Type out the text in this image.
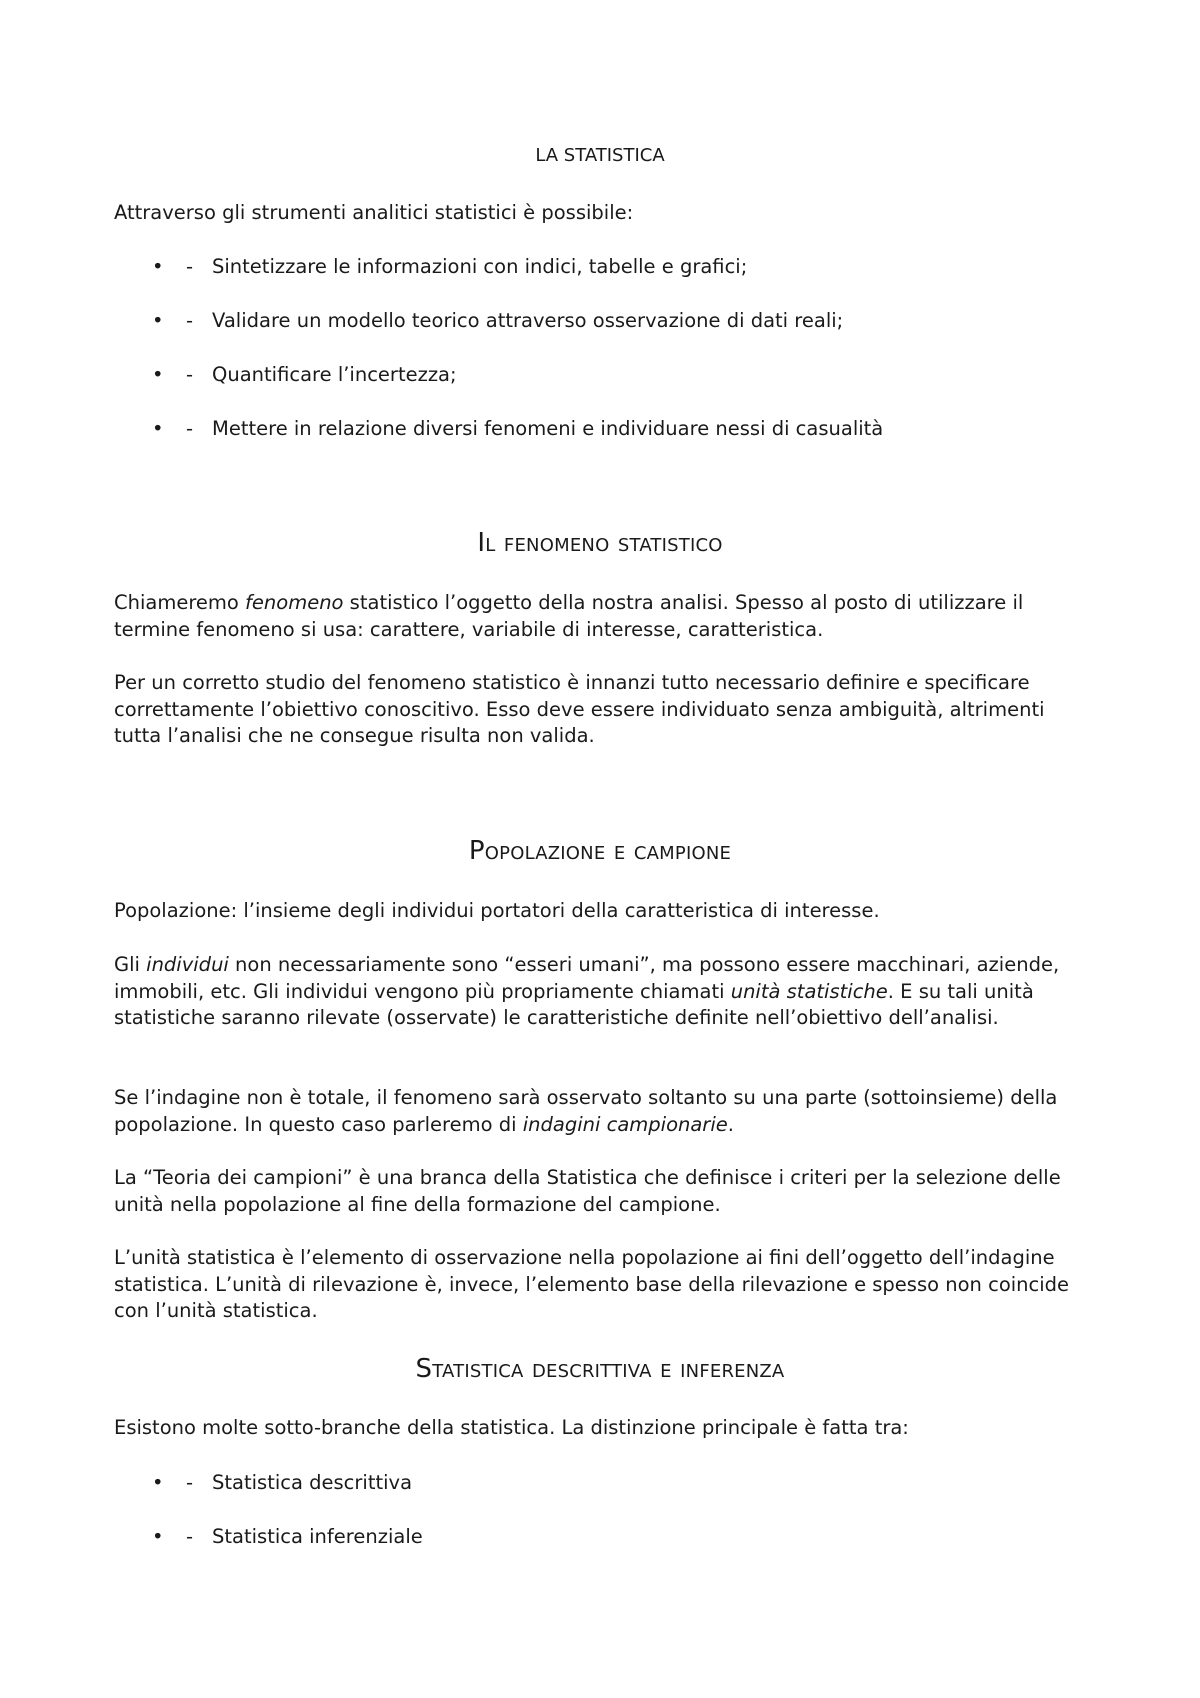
LA STATISTICA

Attraverso gli strumenti analitici statistici è possibile:

• - Sintetizzare le informazioni con indici, tabelle e grafici;
• - Validare un modello teorico attraverso osservazione di dati reali;
• - Quantificare l’incertezza;
• - Mettere in relazione diversi fenomeni e individuare nessi di casualità
Il fenomeno statistico

Chiameremo fenomeno statistico l’oggetto della nostra analisi. Spesso al posto di utilizzare il termine fenomeno si usa: carattere, variabile di interesse, caratteristica.

Per un corretto studio del fenomeno statistico è innanzi tutto necessario definire e specificare correttamente l’obiettivo conoscitivo. Esso deve essere individuato senza ambiguità, altrimenti tutta l’analisi che ne consegue risulta non valida.

Popolazione e campione

Popolazione: l’insieme degli individui portatori della caratteristica di interesse.

Gli individui non necessariamente sono “esseri umani”, ma possono essere macchinari, aziende, immobili, etc. Gli individui vengono più propriamente chiamati unità statistiche. E su tali unità statistiche saranno rilevate (osservate) le caratteristiche definite nell’obiettivo dell’analisi.

Se l’indagine non è totale, il fenomeno sarà osservato soltanto su una parte (sottoinsieme) della popolazione. In questo caso parleremo di indagini campionarie.

La “Teoria dei campioni” è una branca della Statistica che definisce i criteri per la selezione delle unità nella popolazione al fine della formazione del campione.

L’unità statistica è l’elemento di osservazione nella popolazione ai fini dell’oggetto dell’indagine statistica. L’unità di rilevazione è, invece, l’elemento base della rilevazione e spesso non coincide con l’unità statistica.

Statistica descrittiva e inferenza

Esistono molte sotto-branche della statistica. La distinzione principale è fatta tra:

• - Statistica descrittiva
• - Statistica inferenziale
